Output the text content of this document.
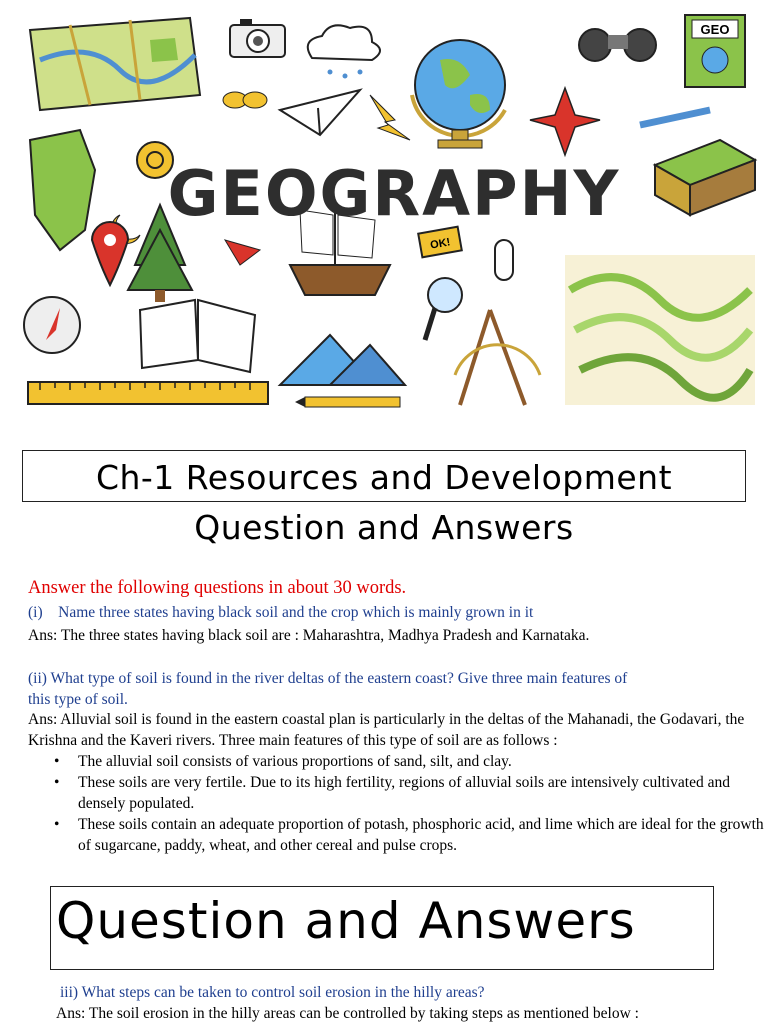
GEO
OK!
GEOGRAPHY
Ch-1 Resources and Development
Question and Answers
Answer the following questions in about 30 words.
(i)    Name three states having black soil and the crop which is mainly grown in it
Ans: The three states having black soil are : Maharashtra, Madhya Pradesh and Karnataka.
(ii) What type of soil is found in the river deltas of the eastern coast? Give three main features of this type of soil.
Ans: Alluvial soil is found in the eastern coastal plan is particularly in the deltas of the Mahanadi, the Godavari, the Krishna and the Kaveri rivers. Three main features of this type of soil are as follows :
• The alluvial soil consists of various proportions of sand, silt, and clay.
• These soils are very fertile. Due to its high fertility, regions of alluvial soils are intensively cultivated and densely populated.
• These soils contain an adequate proportion of potash, phosphoric acid, and lime which are ideal for the growth of sugarcane, paddy, wheat, and other cereal and pulse crops.
Question and Answers
iii) What steps can be taken to control soil erosion in the hilly areas?
Ans: The soil erosion in the hilly areas can be controlled by taking steps as mentioned below :
